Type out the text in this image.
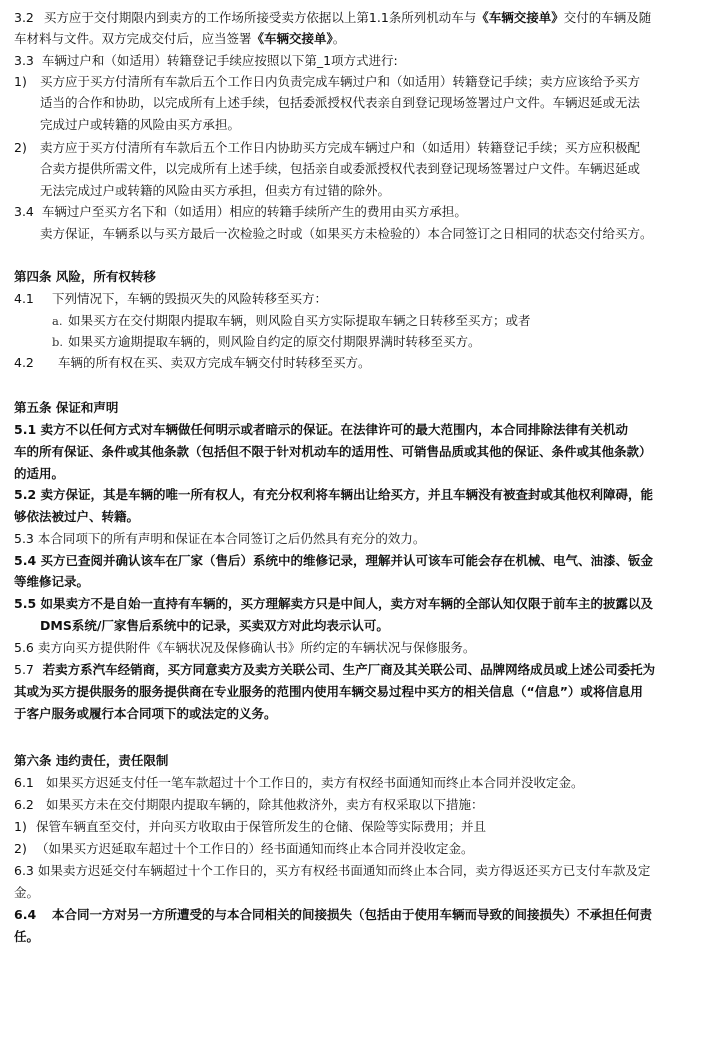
3.2 买方应于交付期限内到卖方的工作场所接受卖方依据以上第1.1条所列机动车与《车辆交接单》交付的车辆及随
车材料与文件。双方完成交付后，应当签署《车辆交接单》。
3.3 车辆过户和（如适用）转籍登记手续应按照以下第_1项方式进行:
1) 买方应于买方付清所有车款后五个工作日内负责完成车辆过户和（如适用）转籍登记手续；卖方应该给予买方
适当的合作和协助，以完成所有上述手续，包括委派授权代表亲自到登记现场签署过户文件。车辆迟延或无法
完成过户或转籍的风险由买方承担。
2) 卖方应于买方付清所有车款后五个工作日内协助买方完成车辆过户和（如适用）转籍登记手续；买方应积极配
合卖方提供所需文件，以完成所有上述手续，包括亲自或委派授权代表到登记现场签署过户文件。车辆迟延或
无法完成过户或转籍的风险由买方承担，但卖方有过错的除外。
3.4 车辆过户至买方名下和（如适用）相应的转籍手续所产生的费用由买方承担。
卖方保证，车辆系以与买方最后一次检验之时或（如果买方未检验的）本合同签订之日相同的状态交付给买方。
第四条 风险，所有权转移
4.1 下列情况下，车辆的毁损灭失的风险转移至买方：
a. 如果买方在交付期限内提取车辆，则风险自买方实际提取车辆之日转移至买方；或者
b. 如果买方逾期提取车辆的，则风险自约定的原交付期限界满时转移至买方。
4.2 车辆的所有权在买、卖双方完成车辆交付时转移至买方。
第五条 保证和声明
5.1 卖方不以任何方式对车辆做任何明示或者暗示的保证。在法律许可的最大范围内，本合同排除法律有关机动
车的所有保证、条件或其他条款（包括但不限于针对机动车的适用性、可销售品质或其他的保证、条件或其他条款）
的适用。
5.2 卖方保证，其是车辆的唯一所有权人，有充分权利将车辆出让给买方，并且车辆没有被查封或其他权利障碍，能
够依法被过户、转籍。
5.3 本合同项下的所有声明和保证在本合同签订之后仍然具有充分的效力。
5.4 买方已查阅并确认该车在厂家（售后）系统中的维修记录，理解并认可该车可能会存在机械、电气、油漆、钣金
等维修记录。
5.5 如果卖方不是自始一直持有车辆的，买方理解卖方只是中间人，卖方对车辆的全部认知仅限于前车主的披露以及
DMS系统/厂家售后系统中的记录，买卖双方对此均表示认可。
5.6 卖方向买方提供附件《车辆状况及保修确认书》所约定的车辆状况与保修服务。
5.7 若卖方系汽车经销商，买方同意卖方及卖方关联公司、生产厂商及其关联公司、品牌网络成员或上述公司委托为
其或为买方提供服务的服务提供商在专业服务的范围内使用车辆交易过程中买方的相关信息（“信息”）或将信息用
于客户服务或履行本合同项下的或法定的义务。
第六条 违约责任，责任限制
6.1 如果买方迟延支付任一笔车款超过十个工作日的，卖方有权经书面通知而终止本合同并没收定金。
6.2 如果买方未在交付期限内提取车辆的，除其他救济外，卖方有权采取以下措施：
1) 保管车辆直至交付，并向买方收取由于保管所发生的仓储、保险等实际费用；并且
2) （如果买方迟延取车超过十个工作日的）经书面通知而终止本合同并没收定金。
6.3 如果卖方迟延交付车辆超过十个工作日的，买方有权经书面通知而终止本合同，卖方得返还买方已支付车款及定
金。
6.4 本合同一方对另一方所遭受的与本合同相关的间接损失（包括由于使用车辆而导致的间接损失）不承担任何责
任。
